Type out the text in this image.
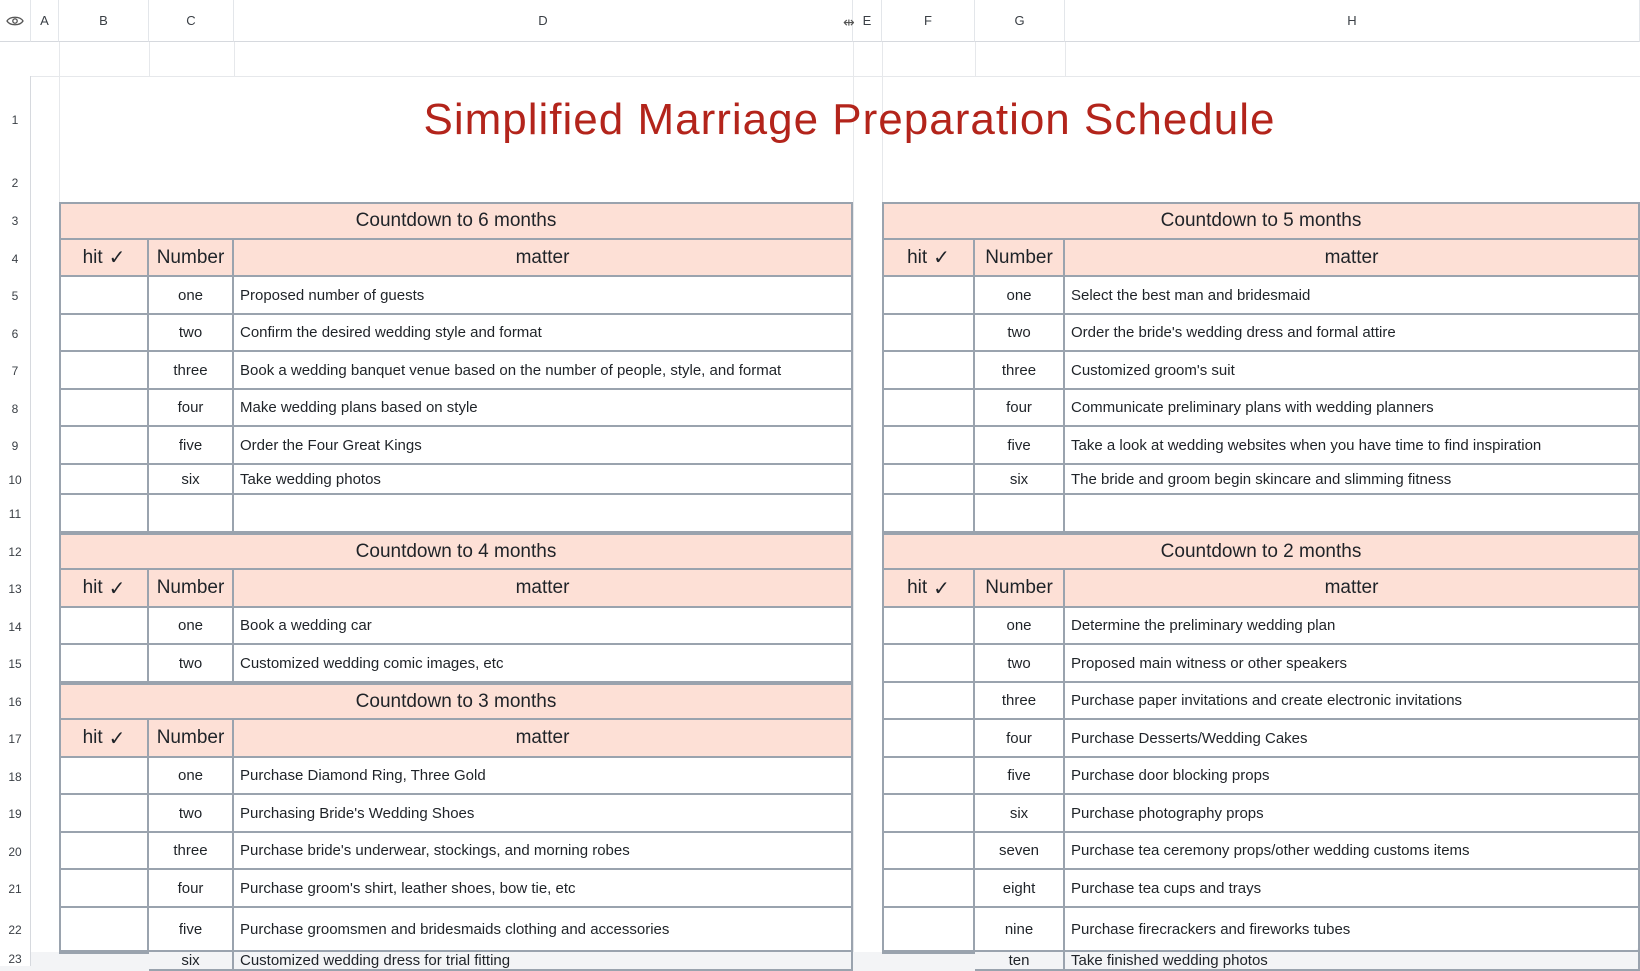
A	B	C	D	E	F	G	H
⇹
1
2
3
4
5
6
7
8
9
10
11
12
13
14
15
16
17
18
19
20
21
22
23
Simplified Marriage Preparation Schedule
Countdown to 6 months
hit ✓	Number	matter
one	Proposed number of guests
two	Confirm the desired wedding style and format
three	Book a wedding banquet venue based on the number of people, style, and format
four	Make wedding plans based on style
five	Order the Four Great Kings
six	Take wedding photos
Countdown to 5 months
hit ✓	Number	matter
one	Select the best man and bridesmaid
two	Order the bride's wedding dress and formal attire
three	Customized groom's suit
four	Communicate preliminary plans with wedding planners
five	Take a look at wedding websites when you have time to find inspiration
six	The bride and groom begin skincare and slimming fitness
Countdown to 4 months
hit ✓	Number	matter
one	Book a wedding car
two	Customized wedding comic images, etc
Countdown to 3 months
hit ✓	Number	matter
one	Purchase Diamond Ring, Three Gold
two	Purchasing Bride's Wedding Shoes
three	Purchase bride's underwear, stockings, and morning robes
four	Purchase groom's shirt, leather shoes, bow tie, etc
five	Purchase groomsmen and bridesmaids clothing and accessories
six	Customized wedding dress for trial fitting
Countdown to 2 months
hit ✓	Number	matter
one	Determine the preliminary wedding plan
two	Proposed main witness or other speakers
three	Purchase paper invitations and create electronic invitations
four	Purchase Desserts/Wedding Cakes
five	Purchase door blocking props
six	Purchase photography props
seven	Purchase tea ceremony props/other wedding customs items
eight	Purchase tea cups and trays
nine	Purchase firecrackers and fireworks tubes
ten	Take finished wedding photos
